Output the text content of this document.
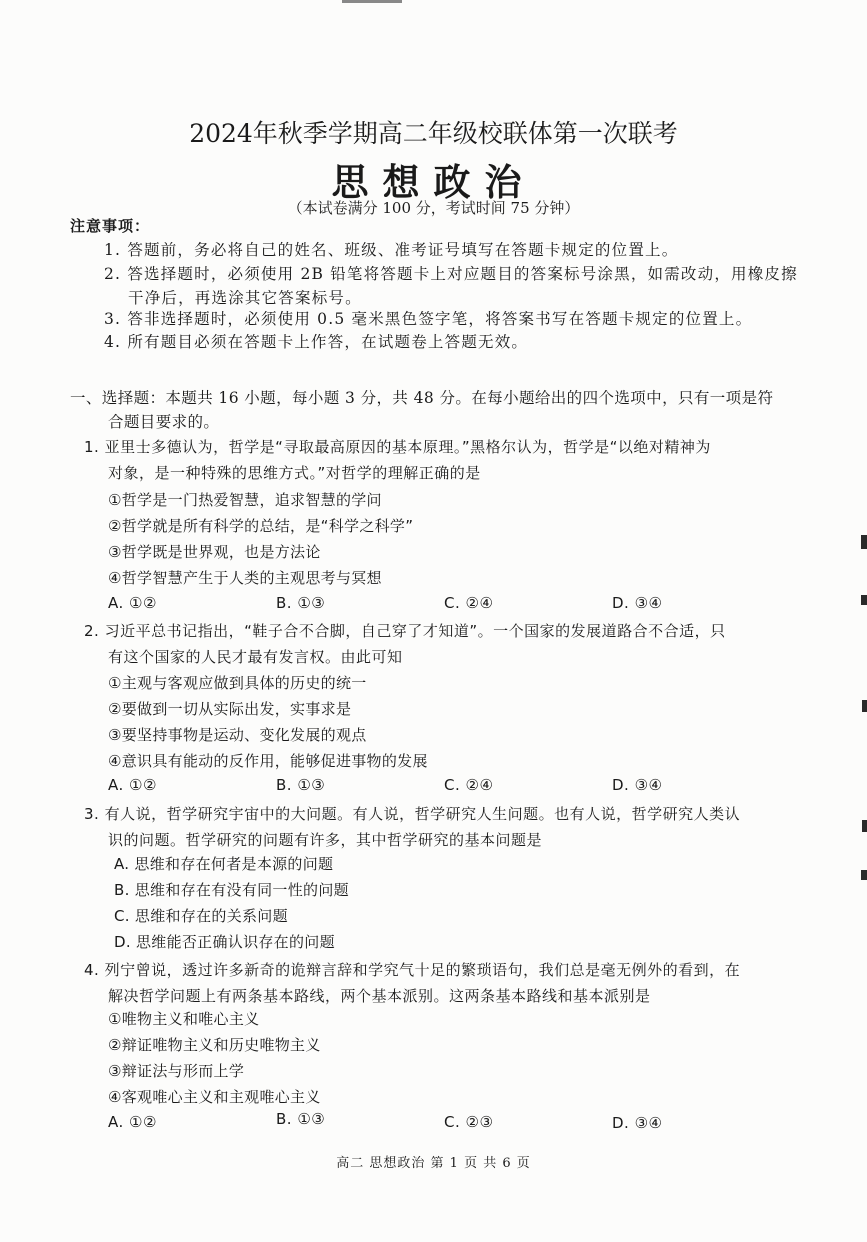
2024年秋季学期高二年级校联体第一次联考
思想政治
（本试卷满分 100 分，考试时间 75 分钟）
注意事项：
1. 答题前，务必将自己的姓名、班级、准考证号填写在答题卡规定的位置上。
2. 答选择题时，必须使用 2B 铅笔将答题卡上对应题目的答案标号涂黑，如需改动，用橡皮擦
干净后，再选涂其它答案标号。
3. 答非选择题时，必须使用 0.5 毫米黑色签字笔，将答案书写在答题卡规定的位置上。
4. 所有题目必须在答题卡上作答，在试题卷上答题无效。
一、选择题：本题共 16 小题，每小题 3 分，共 48 分。在每小题给出的四个选项中，只有一项是符
合题目要求的。
1. 亚里士多德认为，哲学是“寻取最高原因的基本原理。”黑格尔认为，哲学是“以绝对精神为
对象，是一种特殊的思维方式。”对哲学的理解正确的是
①哲学是一门热爱智慧，追求智慧的学问
②哲学就是所有科学的总结，是“科学之科学”
③哲学既是世界观，也是方法论
④哲学智慧产生于人类的主观思考与冥想
A. ①②	B. ①③	C. ②④	D. ③④
2. 习近平总书记指出，“鞋子合不合脚，自己穿了才知道”。一个国家的发展道路合不合适，只
有这个国家的人民才最有发言权。由此可知
①主观与客观应做到具体的历史的统一
②要做到一切从实际出发，实事求是
③要坚持事物是运动、变化发展的观点
④意识具有能动的反作用，能够促进事物的发展
A. ①②	B. ①③	C. ②④	D. ③④
3. 有人说，哲学研究宇宙中的大问题。有人说，哲学研究人生问题。也有人说，哲学研究人类认
识的问题。哲学研究的问题有许多，其中哲学研究的基本问题是
A. 思维和存在何者是本源的问题
B. 思维和存在有没有同一性的问题
C. 思维和存在的关系问题
D. 思维能否正确认识存在的问题
4. 列宁曾说，透过许多新奇的诡辩言辞和学究气十足的繁琐语句，我们总是毫无例外的看到，在
解决哲学问题上有两条基本路线，两个基本派别。这两条基本路线和基本派别是
①唯物主义和唯心主义
②辩证唯物主义和历史唯物主义
③辩证法与形而上学
④客观唯心主义和主观唯心主义
A. ①②	B. ①③	C. ②③	D. ③④
高二 思想政治 第 1 页 共 6 页
